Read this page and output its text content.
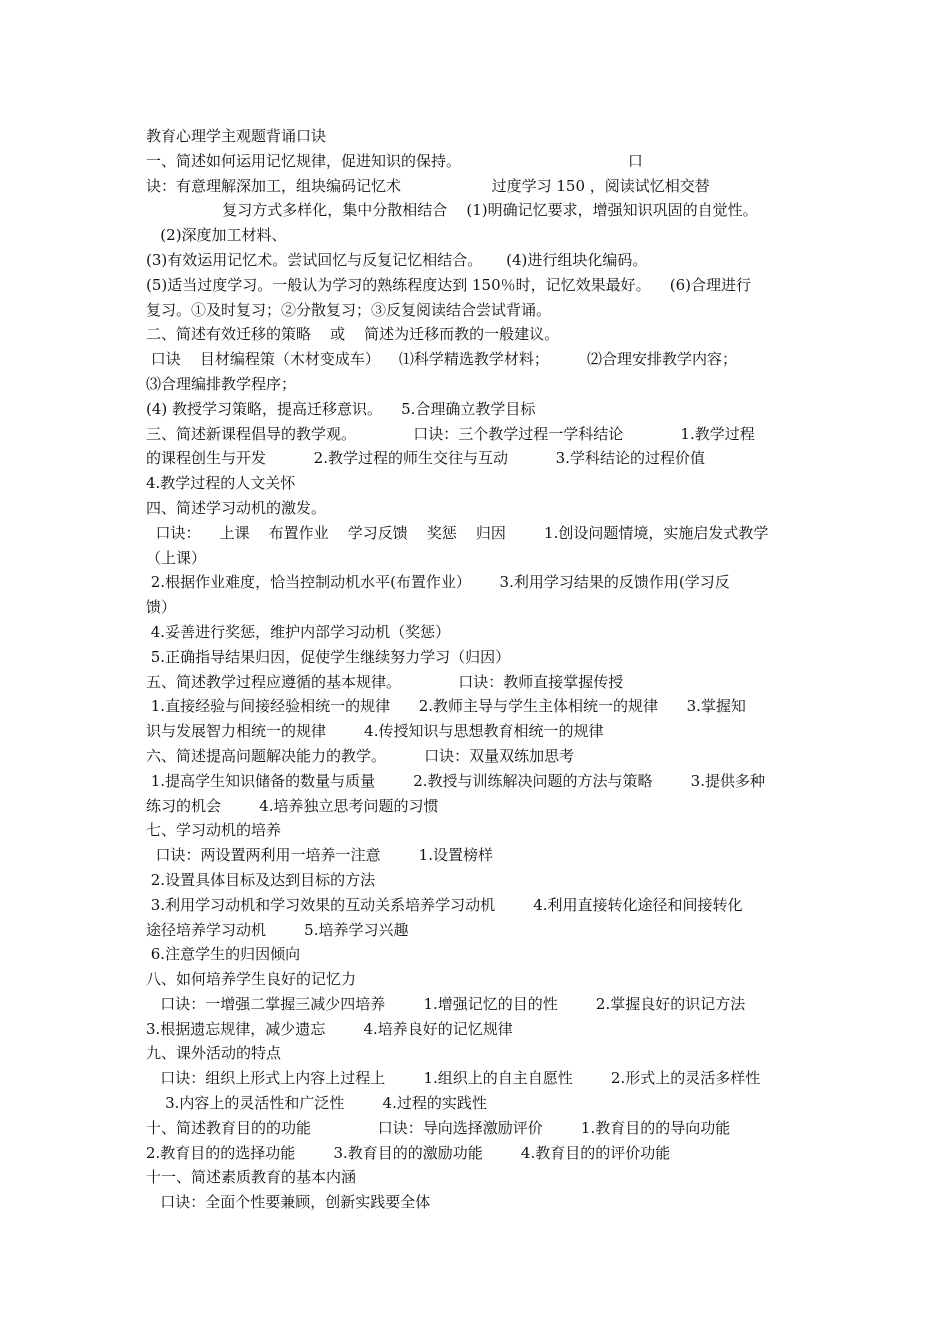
教育心理学主观题背诵口诀
一、简述如何运用记忆规律，促进知识的保持。                                   口
诀：有意理解深加工，组块编码记忆术                   过度学习 150 ，阅读试忆相交替
复习方式多样化，集中分散相结合    (1)明确记忆要求，增强知识巩固的自觉性。
(2)深度加工材料、
(3)有效运用记忆术。尝试回忆与反复记忆相结合。     (4)进行组块化编码。
(5)适当过度学习。一般认为学习的熟练程度达到 150％时，记忆效果最好。    (6)合理进行
复习。①及时复习；②分散复习；③反复阅读结合尝试背诵。
二、简述有效迁移的策略    或    简述为迁移而教的一般建议。
口诀    目材编程策（木材变成车）    ⑴科学精选教学材料；        ⑵合理安排教学内容；
⑶合理编排教学程序；
(4) 教授学习策略，提高迁移意识。    5.合理确立教学目标
三、简述新课程倡导的教学观。            口诀：三个教学过程一学科结论            1.教学过程
的课程创生与开发          2.教学过程的师生交往与互动          3.学科结论的过程价值
4.教学过程的人文关怀
四、简述学习动机的激发。
口诀：    上课    布置作业    学习反馈    奖惩    归因        1.创设问题情境，实施启发式教学
（上课）
2.根据作业难度，恰当控制动机水平(布置作业）      3.利用学习结果的反馈作用(学习反
馈）
4.妥善进行奖惩，维护内部学习动机（奖惩）
5.正确指导结果归因，促使学生继续努力学习（归因）
五、简述教学过程应遵循的基本规律。            口诀：教师直接掌握传授
1.直接经验与间接经验相统一的规律      2.教师主导与学生主体相统一的规律      3.掌握知
识与发展智力相统一的规律        4.传授知识与思想教育相统一的规律
六、简述提高问题解决能力的教学。        口诀：双量双练加思考
1.提高学生知识储备的数量与质量        2.教授与训练解决问题的方法与策略        3.提供多种
练习的机会        4.培养独立思考问题的习惯
七、学习动机的培养
口诀：两设置两利用一培养一注意        1.设置榜样
2.设置具体目标及达到目标的方法
3.利用学习动机和学习效果的互动关系培养学习动机        4.利用直接转化途径和间接转化
途径培养学习动机        5.培养学习兴趣
6.注意学生的归因倾向
八、如何培养学生良好的记忆力
口诀：一增强二掌握三减少四培养        1.增强记忆的目的性        2.掌握良好的识记方法
3.根据遗忘规律，减少遗忘        4.培养良好的记忆规律
九、课外活动的特点
口诀：组织上形式上内容上过程上        1.组织上的自主自愿性        2.形式上的灵活多样性
3.内容上的灵活性和广泛性        4.过程的实践性
十、简述教育目的的功能              口诀：导向选择激励评价        1.教育目的的导向功能
2.教育目的的选择功能        3.教育目的的激励功能        4.教育目的的评价功能
十一、简述素质教育的基本内涵
口诀：全面个性要兼顾，创新实践要全体
